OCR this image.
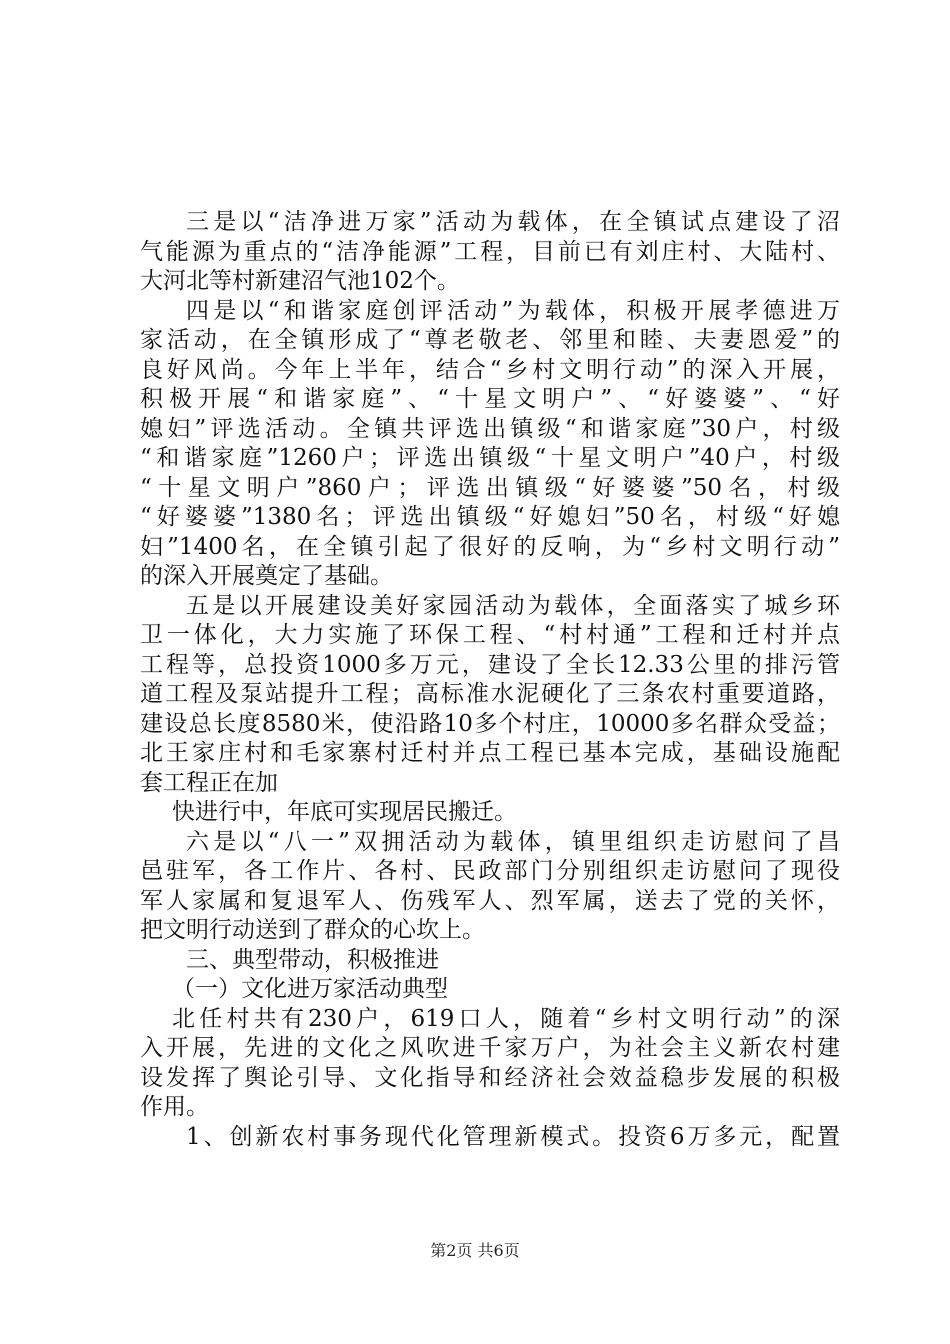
三是以“洁净进万家”活动为载体，在全镇试点建设了沼
气能源为重点的“洁净能源”工程，目前已有刘庄村、大陆村、
大河北等村新建沼气池102个。
四是以“和谐家庭创评活动”为载体，积极开展孝德进万
家活动，在全镇形成了“尊老敬老、邻里和睦、夫妻恩爱”的
良好风尚。今年上半年，结合“乡村文明行动”的深入开展，
积极开展“和谐家庭”、“十星文明户”、“好婆婆”、“好
媳妇”评选活动。全镇共评选出镇级“和谐家庭”30户，村级
“和谐家庭”1260户；评选出镇级“十星文明户”40户，村级
“十星文明户”860户；评选出镇级“好婆婆”50名，村级
“好婆婆”1380名；评选出镇级“好媳妇”50名，村级“好媳
妇”1400名，在全镇引起了很好的反响，为“乡村文明行动”
的深入开展奠定了基础。
五是以开展建设美好家园活动为载体，全面落实了城乡环
卫一体化，大力实施了环保工程、“村村通”工程和迁村并点
工程等，总投资1000多万元，建设了全长12.33公里的排污管
道工程及泵站提升工程；高标准水泥硬化了三条农村重要道路，
建设总长度8580米，使沿路10多个村庄，10000多名群众受益；
北王家庄村和毛家寨村迁村并点工程已基本完成，基础设施配
套工程正在加
快进行中，年底可实现居民搬迁。
六是以“八一”双拥活动为载体，镇里组织走访慰问了昌
邑驻军，各工作片、各村、民政部门分别组织走访慰问了现役
军人家属和复退军人、伤残军人、烈军属，送去了党的关怀，
把文明行动送到了群众的心坎上。
三、典型带动，积极推进
（一）文化进万家活动典型
北任村共有230户，619口人，随着“乡村文明行动”的深
入开展，先进的文化之风吹进千家万户，为社会主义新农村建
设发挥了舆论引导、文化指导和经济社会效益稳步发展的积极
作用。
1、创新农村事务现代化管理新模式。投资6万多元，配置
第2页 共6页
